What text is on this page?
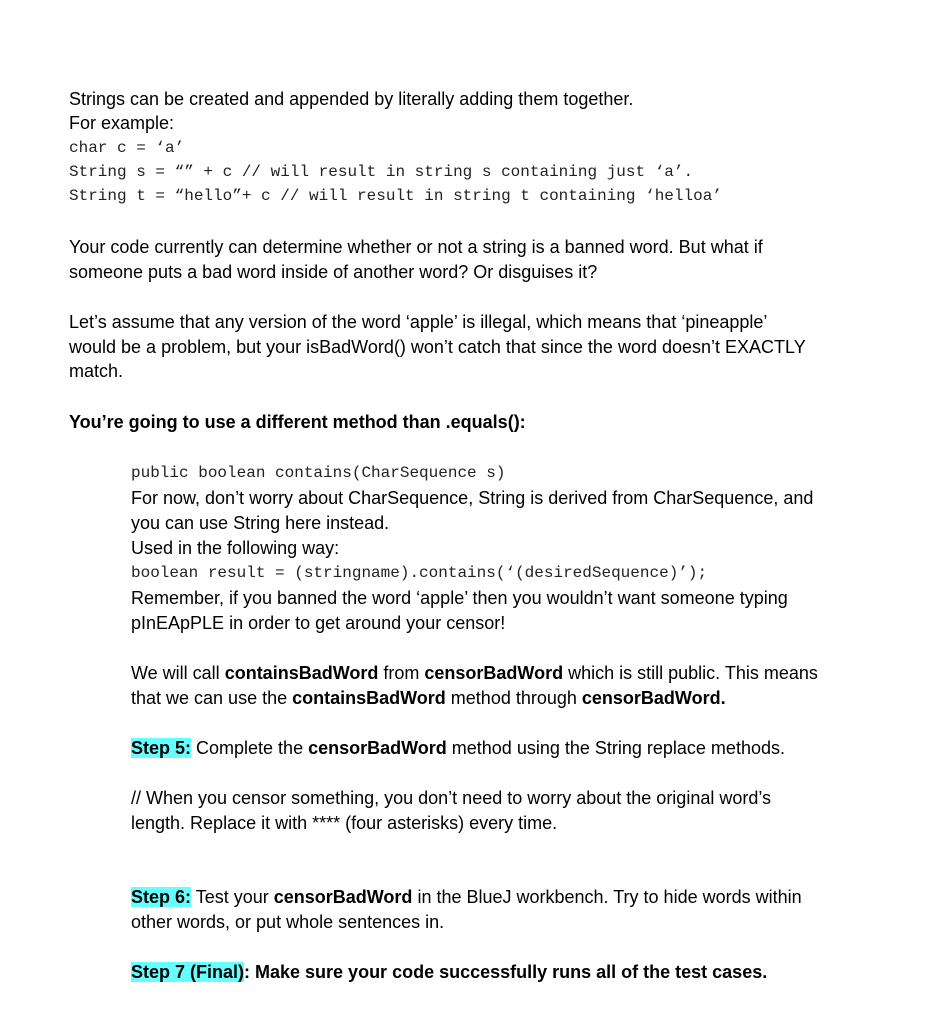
Strings can be created and appended by literally adding them together.
For example:
char c = ‘a’
String s = “” + c // will result in string s containing just ‘a’.
String t = “hello”+ c // will result in string t containing ‘helloa’
Your code currently can determine whether or not a string is a banned word. But what if
someone puts a bad word inside of another word? Or disguises it?
Let’s assume that any version of the word ‘apple’ is illegal, which means that ‘pineapple’
would be a problem, but your isBadWord() won’t catch that since the word doesn’t EXACTLY
match.
You’re going to use a different method than .equals():
public boolean contains(CharSequence s)
For now, don’t worry about CharSequence, String is derived from CharSequence, and
you can use String here instead.
Used in the following way:
boolean result = (stringname).contains(‘(desiredSequence)’);
Remember, if you banned the word ‘apple’ then you wouldn’t want someone typing
pInEApPLE in order to get around your censor!
We will call containsBadWord from censorBadWord which is still public. This means
that we can use the containsBadWord method through censorBadWord.
Step 5: Complete the censorBadWord method using the String replace methods.
// When you censor something, you don’t need to worry about the original word’s
length. Replace it with **** (four asterisks) every time.
Step 6: Test your censorBadWord in the BlueJ workbench. Try to hide words within
other words, or put whole sentences in.
Step 7 (Final): Make sure your code successfully runs all of the test cases.
